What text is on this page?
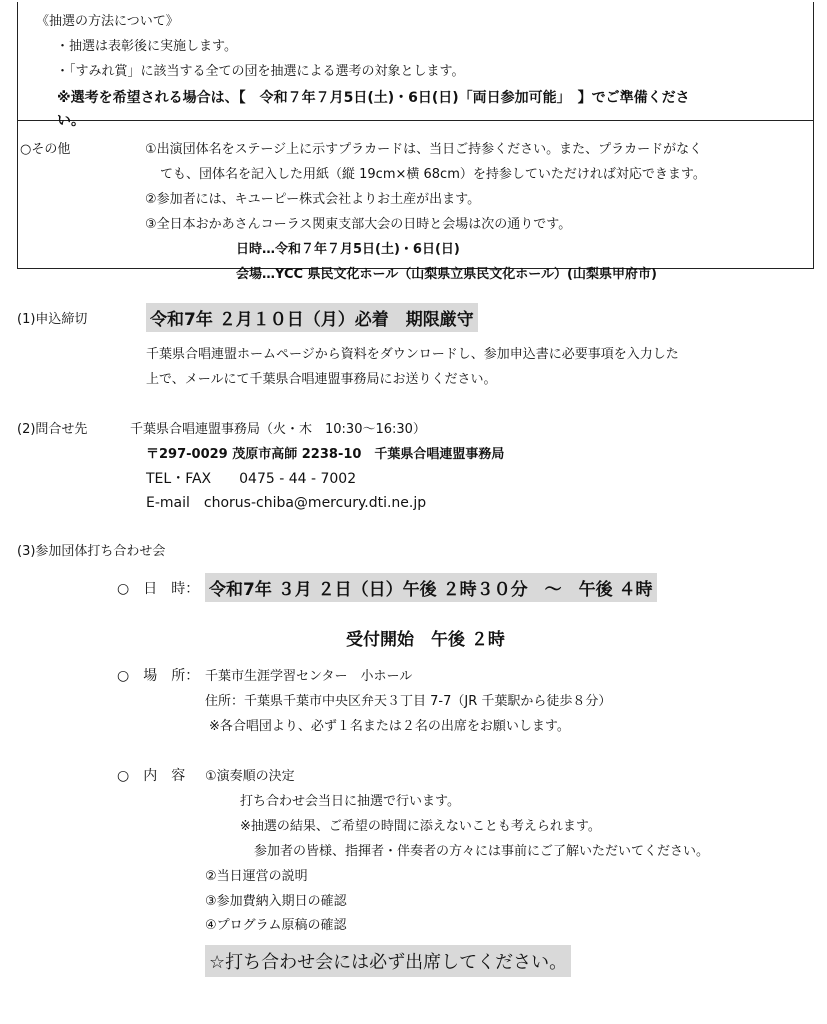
《抽選の方法について》
・抽選は表彰後に実施します。
・「すみれ賞」に該当する全ての団を抽選による選考の対象とします。
※選考を希望される場合は、【　令和７年７月5日(土)・6日(日)「両日参加可能」　】でご準備くださ
い。
○その他	①出演団体名をステージ上に示すプラカードは、当日ご持参ください。また、プラカードがなく
ても、団体名を記入した用紙（縦 19cm×横 68cm）を持参していただければ対応できます。
②参加者には、キユーピー株式会社よりお土産が出ます。
③全日本おかあさんコーラス関東支部大会の日時と会場は次の通りです。
日時…令和７年７月5日(土)・6日(日)
会場…YCC 県民文化ホール（山梨県立県民文化ホール）(山梨県甲府市)
(1)申込締切	令和7年 ２月１０日（月）必着　期限厳守
千葉県合唱連盟ホームページから資料をダウンロードし、参加申込書に必要事項を入力した
上で、メールにて千葉県合唱連盟事務局にお送りください。
(2)問合せ先	千葉県合唱連盟事務局（火・木　10:30〜16:30）
〒297-0029 茂原市高師 2238-10　千葉県合唱連盟事務局
TEL・FAX　　0475 - 44 - 7002
E-mail　chorus-chiba@mercury.dti.ne.jp
(3)参加団体打ち合わせ会
○　日　時： 令和7年 ３月 ２日（日）午後 ２時３０分　〜　午後 ４時
受付開始　午後 ２時
○　場　所： 千葉市生涯学習センター　小ホール
住所：千葉県千葉市中央区弁天３丁目 7-7（JR 千葉駅から徒歩８分）
※各合唱団より、必ず１名または２名の出席をお願いします。
○　内　容 ①演奏順の決定
打ち合わせ会当日に抽選で行います。
※抽選の結果、ご希望の時間に添えないことも考えられます。
参加者の皆様、指揮者・伴奏者の方々には事前にご了解いただいてください。
②当日運営の説明
③参加費納入期日の確認
④プログラム原稿の確認
☆打ち合わせ会には必ず出席してください。
